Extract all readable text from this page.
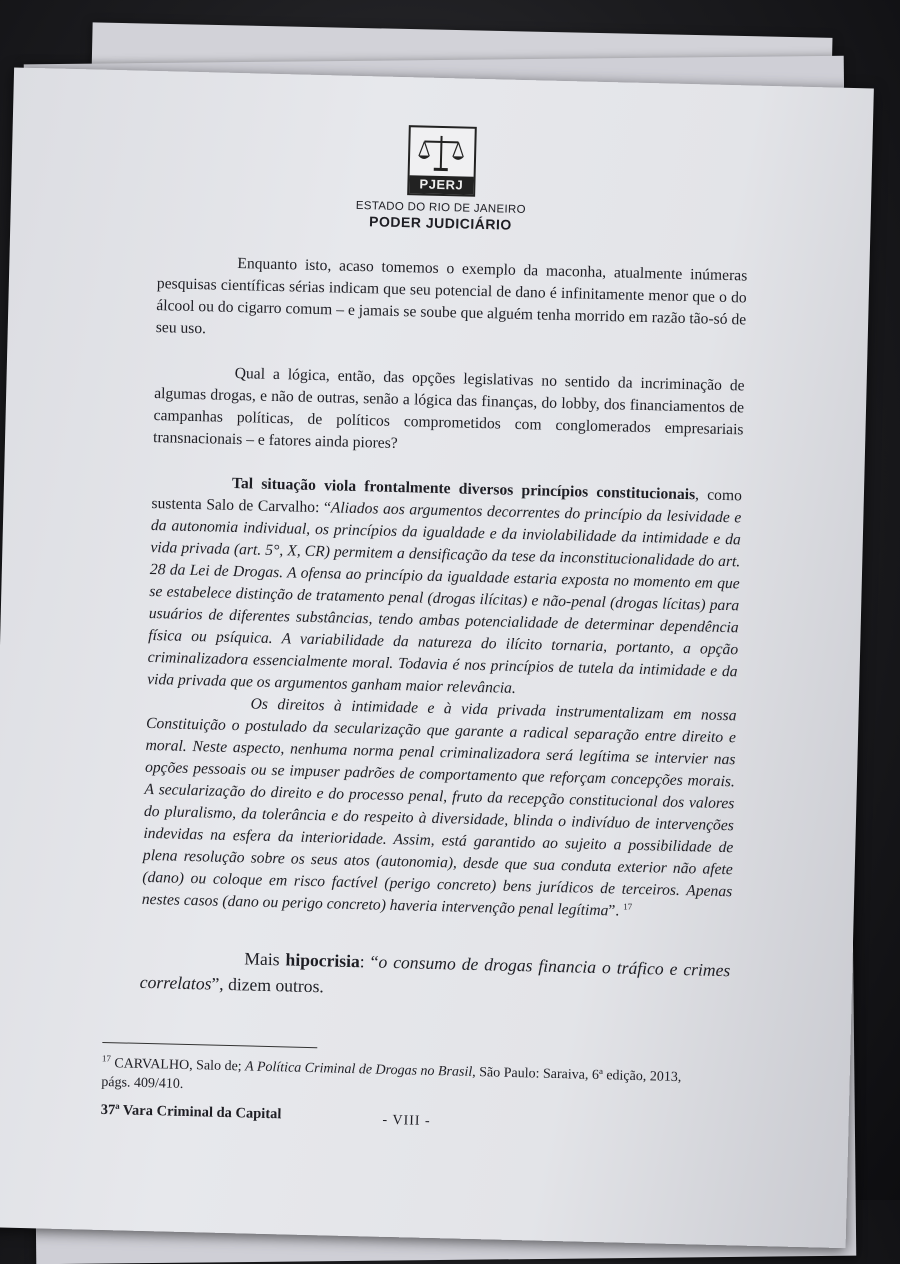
PJERJ
ESTADO DO RIO DE JANEIRO
PODER JUDICIÁRIO

Enquanto isto, acaso tomemos o exemplo da maconha, atualmente inúmeras pesquisas científicas sérias indicam que seu potencial de dano é infinitamente menor que o do álcool ou do cigarro comum – e jamais se soube que alguém tenha morrido em razão tão-só de seu uso.

Qual a lógica, então, das opções legislativas no sentido da incriminação de algumas drogas, e não de outras, senão a lógica das finanças, do lobby, dos financiamentos de campanhas políticas, de políticos comprometidos com conglomerados empresariais transnacionais – e fatores ainda piores?

Tal situação viola frontalmente diversos princípios constitucionais, como sustenta Salo de Carvalho: “Aliados aos argumentos decorrentes do princípio da lesividade e da autonomia individual, os princípios da igualdade e da inviolabilidade da intimidade e da vida privada (art. 5°, X, CR) permitem a densificação da tese da inconstitucionalidade do art. 28 da Lei de Drogas. A ofensa ao princípio da igualdade estaria exposta no momento em que se estabelece distinção de tratamento penal (drogas ilícitas) e não-penal (drogas lícitas) para usuários de diferentes substâncias, tendo ambas potencialidade de determinar dependência física ou psíquica. A variabilidade da natureza do ilícito tornaria, portanto, a opção criminalizadora essencialmente moral. Todavia é nos princípios de tutela da intimidade e da vida privada que os argumentos ganham maior relevância.

Os direitos à intimidade e à vida privada instrumentalizam em nossa Constituição o postulado da secularização que garante a radical separação entre direito e moral. Neste aspecto, nenhuma norma penal criminalizadora será legítima se intervier nas opções pessoais ou se impuser padrões de comportamento que reforçam concepções morais. A secularização do direito e do processo penal, fruto da recepção constitucional dos valores do pluralismo, da tolerância e do respeito à diversidade, blinda o indivíduo de intervenções indevidas na esfera da interioridade. Assim, está garantido ao sujeito a possibilidade de plena resolução sobre os seus atos (autonomia), desde que sua conduta exterior não afete (dano) ou coloque em risco factível (perigo concreto) bens jurídicos de terceiros. Apenas nestes casos (dano ou perigo concreto) haveria intervenção penal legítima”. $^{17}$

Mais hipocrisia: “o consumo de drogas financia o tráfico e crimes correlatos”, dizem outros.

$^{17}$ CARVALHO, Salo de; A Política Criminal de Drogas no Brasil, São Paulo: Saraiva, 6ª edição, 2013, págs. 409/410.
37ª Vara Criminal da Capital	- VIII -
